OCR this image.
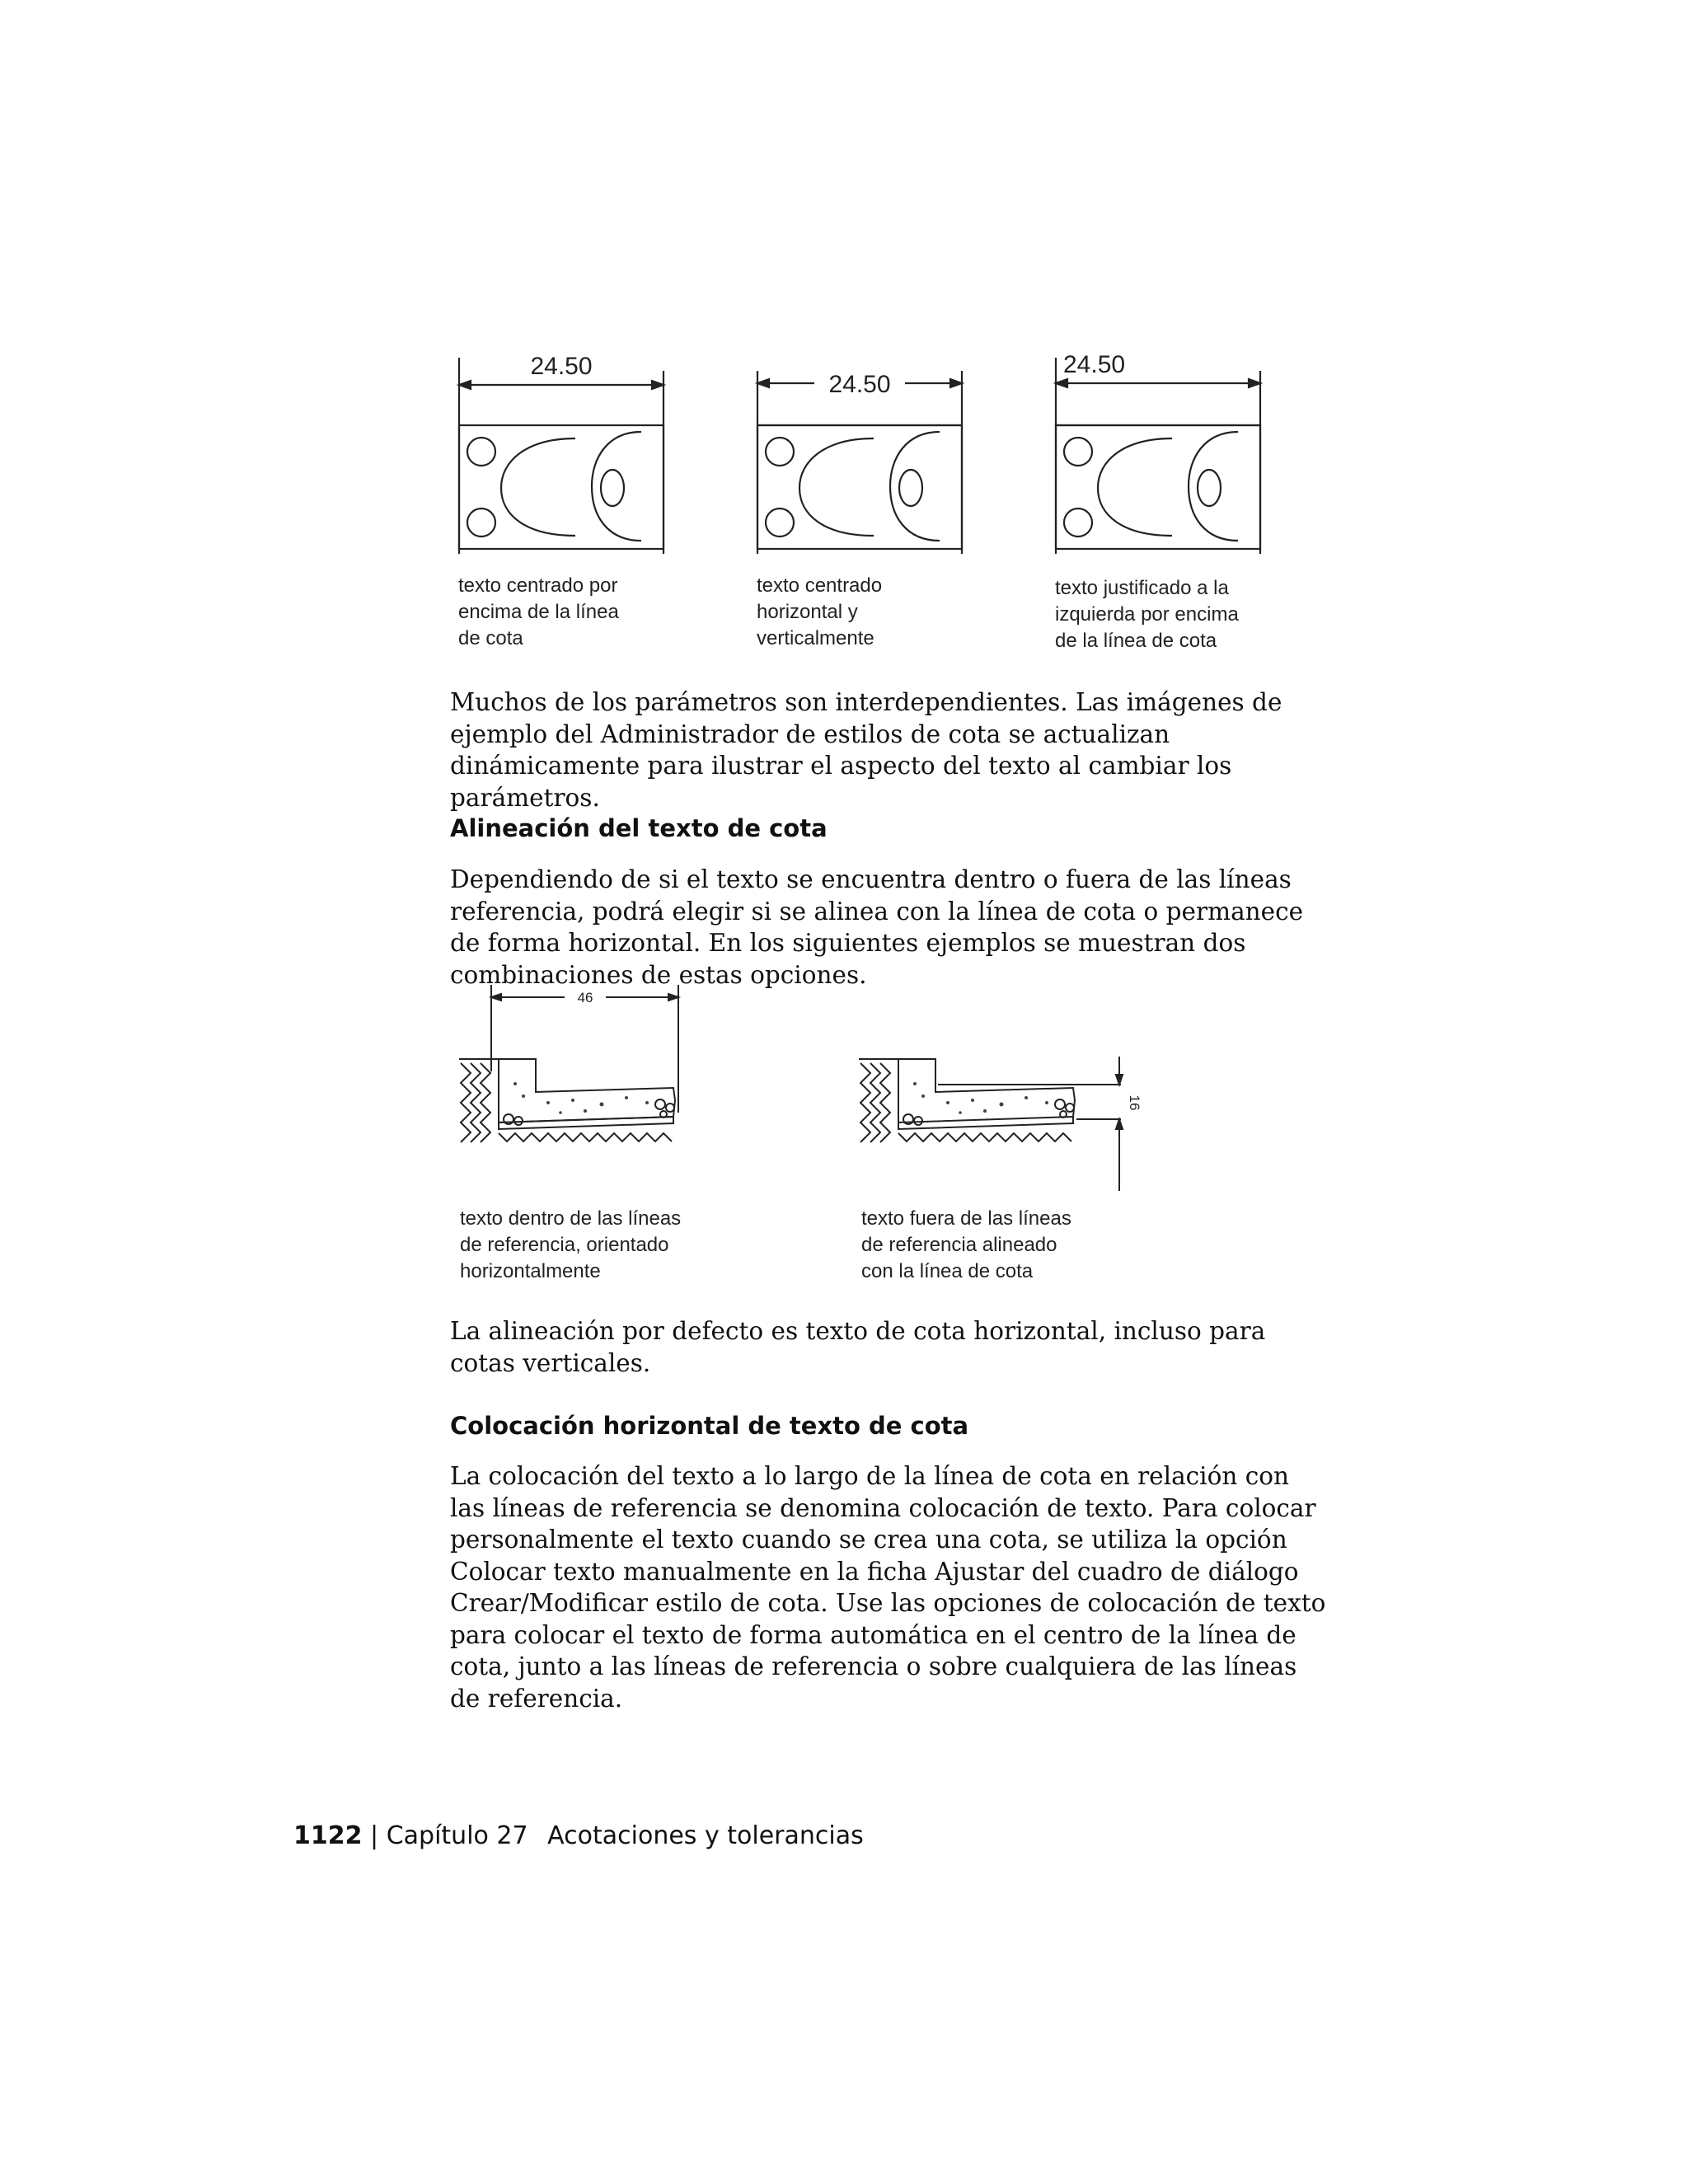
24.50
texto centrado por
encima de la línea
de cota
24.50
texto centrado
horizontal y
verticalmente
24.50
texto justificado a la
izquierda por encima
de la línea de cota

Muchos de los parámetros son interdependientes. Las imágenes de ejemplo del Administrador de estilos de cota se actualizan dinámicamente para ilustrar el aspecto del texto al cambiar los parámetros.

Alineación del texto de cota

Dependiendo de si el texto se encuentra dentro o fuera de las líneas referencia, podrá elegir si se alinea con la línea de cota o permanece de forma horizontal. En los siguientes ejemplos se muestran dos combinaciones de estas opciones.

46
texto dentro de las líneas
de referencia, orientado
horizontalmente
16
texto fuera de las líneas
de referencia alineado
con la línea de cota

La alineación por defecto es texto de cota horizontal, incluso para cotas verticales.

Colocación horizontal de texto de cota

La colocación del texto a lo largo de la línea de cota en relación con las líneas de referencia se denomina colocación de texto. Para colocar personalmente el texto cuando se crea una cota, se utiliza la opción Colocar texto manualmente en la ficha Ajustar del cuadro de diálogo Crear/Modificar estilo de cota. Use las opciones de colocación de texto para colocar el texto de forma automática en el centro de la línea de cota, junto a las líneas de referencia o sobre cualquiera de las líneas de referencia.

1122 | Capítulo 27 Acotaciones y tolerancias
